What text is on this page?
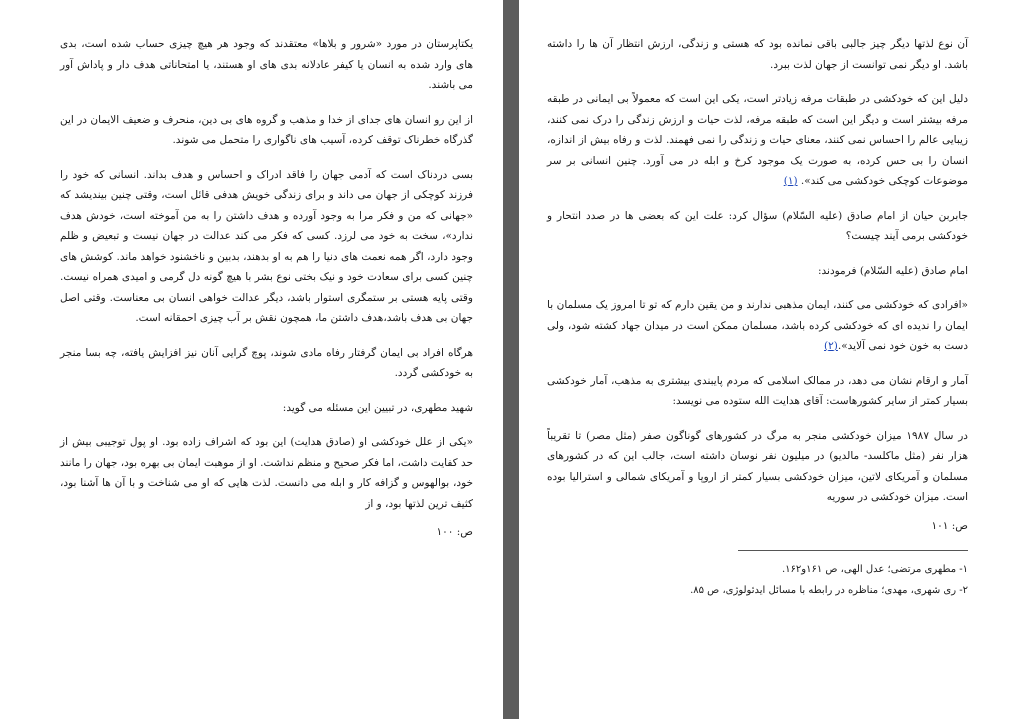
یکتاپرستان در مورد «شرور و بلاها» معتقدند که وجود هر هیچ چیزی حساب شده است، بدی های وارد شده به انسان یا کیفر عادلانه بدی های او هستند، یا امتحاناتی هدف دار و پاداش آور می باشند.

از این رو انسان های جدای از خدا و مذهب و گروه های بی دین، منحرف و ضعیف الایمان در این گذرگاه خطرناک توقف کرده، آسیب های ناگواری را متحمل می شوند.

بسی دردناک است که آدمی جهان را فاقد ادراک و احساس و هدف بداند. انسانی که خود را فرزند کوچکی از جهان می داند و برای زندگی خویش هدفی قائل است، وقتی چنین بیندیشد که «جهانی که من و فکر مرا به وجود آورده و هدف داشتن را به من آموخته است، خودش هدف ندارد»، سخت به خود می لرزد. کسی که فکر می کند عدالت در جهان نیست و تبعیض و ظلم وجود دارد، اگر همه نعمت های دنیا را هم به او بدهند، بدبین و ناخشنود خواهد ماند. کوشش های چنین کسی برای سعادت خود و نیک بختی نوع بشر با هیچ گونه دل گرمی و امیدی همراه نیست. وقتی پایه هستی بر ستمگری استوار باشد، دیگر عدالت خواهی انسان بی معناست. وقتی اصل جهان بی هدف باشد،هدف داشتن ما، همچون نقش بر آب چیزی احمقانه است.

هرگاه افراد بی ایمان گرفتار رفاه مادی شوند، پوچ گرایی آنان نیز افزایش یافته، چه بسا منجر به خودکشی گردد.

شهید مطهری، در تبیین این مسئله می گوید:

«یکی از علل خودکشی او (صادق هدایت) این بود که اشراف زاده بود. او پول توجیبی بیش از حد کفایت داشت، اما فکر صحیح و منظم نداشت. او از موهبت ایمان بی بهره بود، جهان را مانند خود، بوالهوس و گزافه کار و ابله می دانست. لذت هایی که او می شناخت و با آن ها آشنا بود، کثیف ترین لذتها بود، و از

ص: ۱۰۰

آن نوع لذتها دیگر چیز جالبی باقی نمانده بود که هستی و زندگی، ارزش انتظار آن ها را داشته باشد. او دیگر نمی توانست از جهان لذت ببرد.

دلیل این که خودکشی در طبقات مرفه زیادتر است، یکی این است که معمولاً بی ایمانی در طبقه مرفه بیشتر است و دیگر این است که طبقه مرفه، لذت حیات و ارزش زندگی را درک نمی کنند، زیبایی عالم را احساس نمی کنند، معنای حیات و زندگی را نمی فهمند. لذت و رفاه بیش از اندازه، انسان را بی حس کرده، به صورت یک موجود کرخ و ابله در می آورد. چنین انسانی بر سر موضوعات کوچکی خودکشی می کند». (۱)

جابربن حیان از امام صادق (علیه السّلام) سؤال کرد: علت این که بعضی ها در صدد انتحار و خودکشی برمی آیند چیست؟

امام صادق (علیه السّلام) فرمودند:

«افرادی که خودکشی می کنند، ایمان مذهبی ندارند و من یقین دارم که تو تا امروز یک مسلمان با ایمان را ندیده ای که خودکشی کرده باشد، مسلمان ممکن است در میدان جهاد کشته شود، ولی دست به خون خود نمی آلاید».(۲)

آمار و ارقام نشان می دهد، در ممالک اسلامی که مردم پایبندی بیشتری به مذهب، آمار خودکشی بسیار کمتر از سایر کشورهاست: آقای هدایت الله ستوده می نویسد:

در سال ۱۹۸۷ میزان خودکشی منجر به مرگ در کشورهای گوناگون صفر (مثل مصر) تا تقریباً هزار نفر (مثل ماکلسد- مالدیو) در میلیون نفر نوسان داشته است، جالب این که در کشورهای مسلمان و آمریکای لاتین، میزان خودکشی بسیار کمتر از اروپا و آمریکای شمالی و استرالیا بوده است. میزان خودکشی در سوریه

ص: ۱۰۱

۱- مطهری مرتضی؛ عدل الهی، ص ۱۶۱و۱۶۲.

۲- ری شهری، مهدی؛ مناظره در رابطه با مسائل ایدئولوژی، ص ۸۵.
